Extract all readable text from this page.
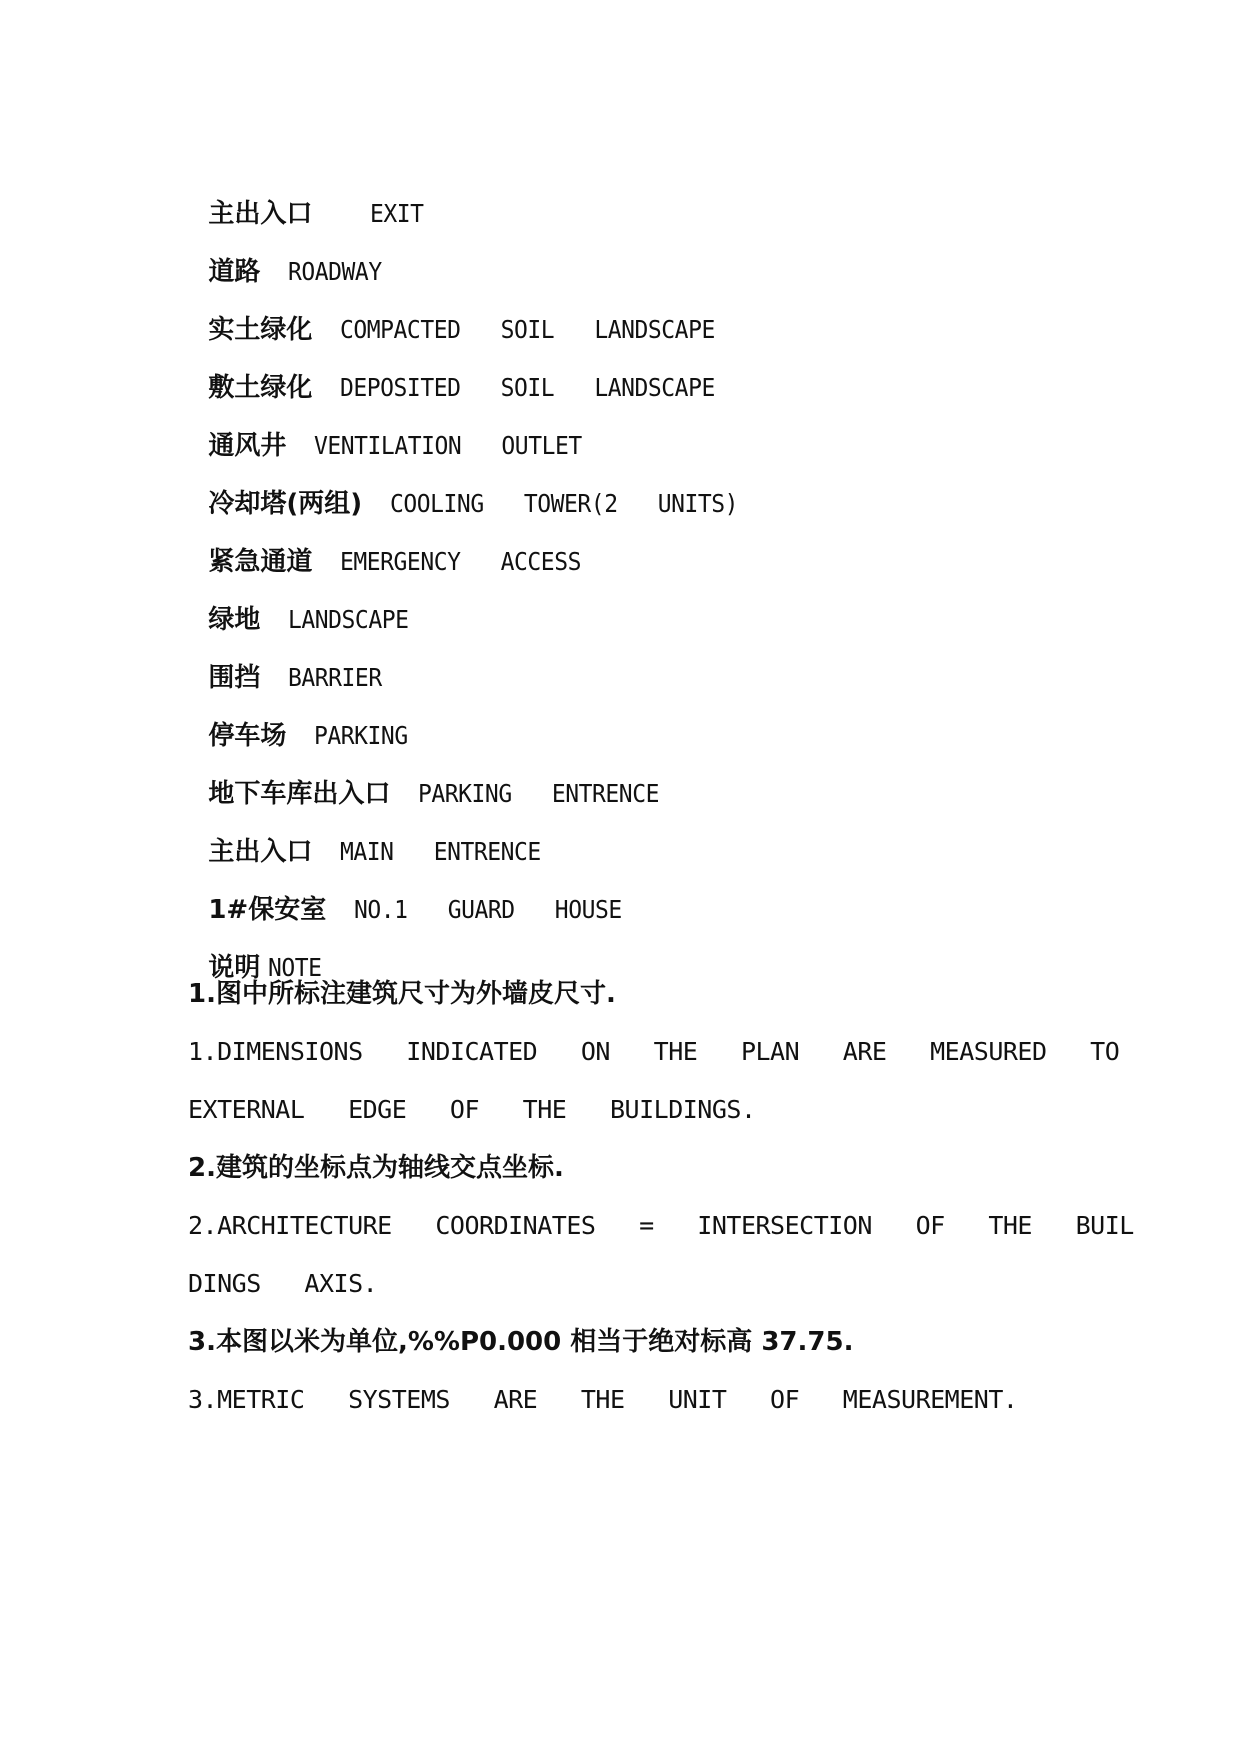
主出入口 EXIT

道路 ROADWAY

实土绿化 COMPACTED   SOIL   LANDSCAPE

敷土绿化 DEPOSITED   SOIL   LANDSCAPE

通风井 VENTILATION   OUTLET

冷却塔(两组) COOLING   TOWER(2   UNITS)

紧急通道 EMERGENCY   ACCESS

绿地 LANDSCAPE

围挡 BARRIER

停车场 PARKING

地下车库出入口 PARKING   ENTRENCE

主出入口 MAIN   ENTRENCE

1#保安室 NO.1   GUARD   HOUSE

说明 NOTE

1.图中所标注建筑尺寸为外墙皮尺寸.
1.DIMENSIONS   INDICATED   ON   THE   PLAN   ARE   MEASURED   TO
EXTERNAL   EDGE   OF   THE   BUILDINGS.
2.建筑的坐标点为轴线交点坐标.
2.ARCHITECTURE   COORDINATES   =   INTERSECTION   OF   THE   BUIL
DINGS   AXIS.
3.本图以米为单位,%%P0.000 相当于绝对标高 37.75.
3.METRIC   SYSTEMS   ARE   THE   UNIT   OF   MEASUREMENT.
